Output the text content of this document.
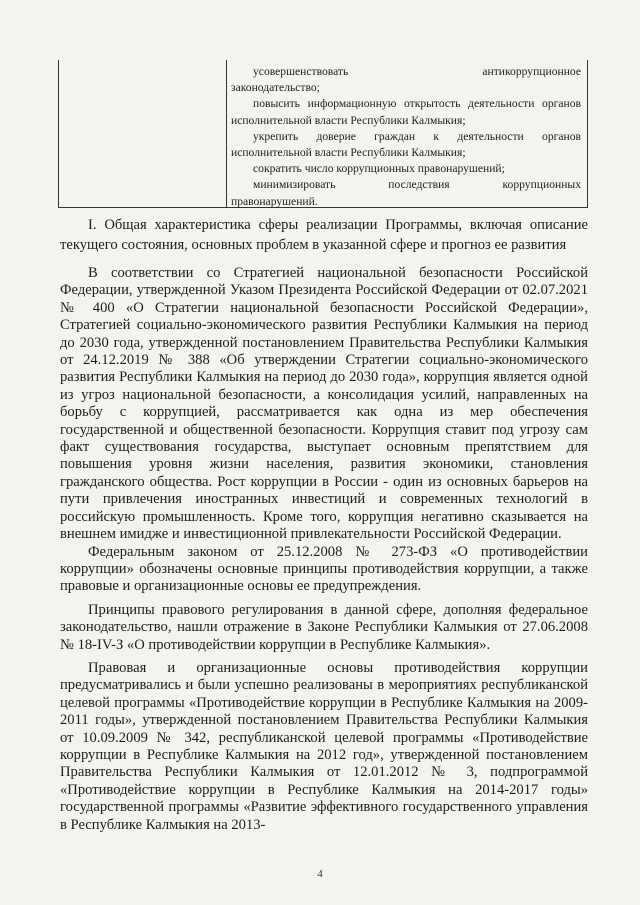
усовершенствовать	антикоррупционное

законодательство;

повысить информационную открытость деятельности органов исполнительной власти Республики Калмыкия;

укрепить доверие граждан к деятельности органов исполнительной власти Республики Калмыкия;

сократить число коррупционных правонарушений;

минимизировать	последствия	коррупционных

правонарушений.

I. Общая характеристика сферы реализации Программы, включая описание текущего состояния, основных проблем в указанной сфере и прогноз ее развития

В соответствии со Стратегией национальной безопасности Российской Федерации, утвержденной Указом Президента Российской Федерации от 02.07.2021 № 400 «О Стратегии национальной безопасности Российской Федерации», Стратегией социально-экономического развития Республики Калмыкия на период до 2030 года, утвержденной постановлением Правительства Республики Калмыкия от 24.12.2019 № 388 «Об утверждении Стратегии социально-экономического развития Республики Калмыкия на период до 2030 года», коррупция является одной из угроз национальной безопасности, а консолидация усилий, направленных на борьбу с коррупцией, рассматривается как одна из мер обеспечения государственной и общественной безопасности. Коррупция ставит под угрозу сам факт существования государства, выступает основным препятствием для повышения уровня жизни населения, развития экономики, становления гражданского общества. Рост коррупции в России - один из основных барьеров на пути привлечения иностранных инвестиций и современных технологий в российскую промышленность. Кроме того, коррупция негативно сказывается на внешнем имидже и инвестиционной привлекательности Российской Федерации.

Федеральным законом от 25.12.2008 № 273-ФЗ «О противодействии коррупции» обозначены основные принципы противодействия коррупции, а также правовые и организационные основы ее предупреждения.

Принципы правового регулирования в данной сфере, дополняя федеральное законодательство, нашли отражение в Законе Республики Калмыкия от 27.06.2008 № 18-IV-З «О противодействии коррупции в Республике Калмыкия».

Правовая и организационные основы противодействия коррупции предусматривались и были успешно реализованы в мероприятиях республиканской целевой программы «Противодействие коррупции в Республике Калмыкия на 2009-2011 годы», утвержденной постановлением Правительства Республики Калмыкия от 10.09.2009 № 342, республиканской целевой программы «Противодействие коррупции в Республике Калмыкия на 2012 год», утвержденной постановлением Правительства Республики Калмыкия от 12.01.2012 № 3, подпрограммой «Противодействие коррупции в Республике Калмыкия на 2014-2017 годы» государственной программы «Развитие эффективного государственного управления в Республике Калмыкия на 2013-

4
